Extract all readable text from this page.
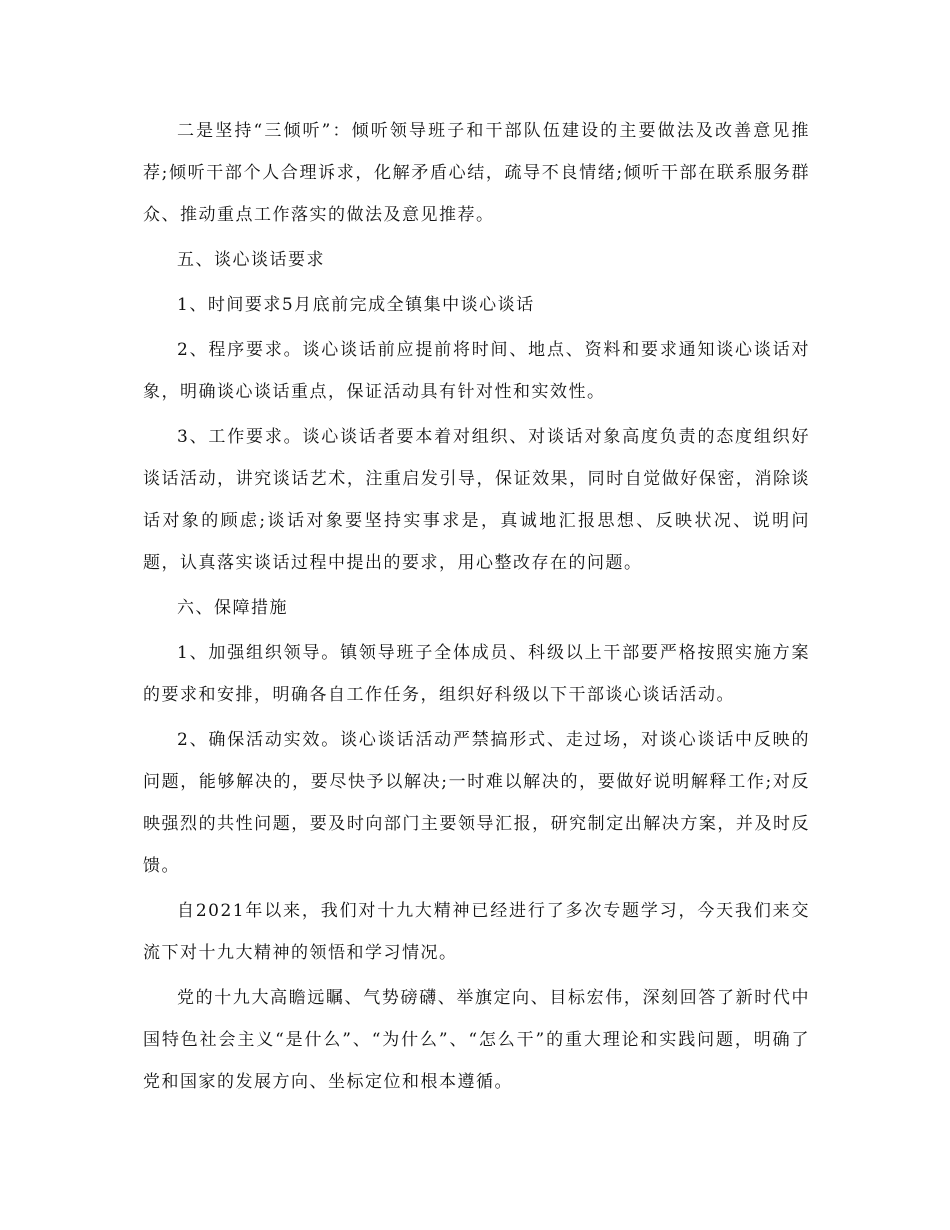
二是坚持“三倾听”：倾听领导班子和干部队伍建设的主要做法及改善意见推荐;倾听干部个人合理诉求，化解矛盾心结，疏导不良情绪;倾听干部在联系服务群众、推动重点工作落实的做法及意见推荐。

五、谈心谈话要求

1、时间要求5月底前完成全镇集中谈心谈话

2、程序要求。谈心谈话前应提前将时间、地点、资料和要求通知谈心谈话对象，明确谈心谈话重点，保证活动具有针对性和实效性。

3、工作要求。谈心谈话者要本着对组织、对谈话对象高度负责的态度组织好谈话活动，讲究谈话艺术，注重启发引导，保证效果，同时自觉做好保密，消除谈话对象的顾虑;谈话对象要坚持实事求是，真诚地汇报思想、反映状况、说明问题，认真落实谈话过程中提出的要求，用心整改存在的问题。

六、保障措施

1、加强组织领导。镇领导班子全体成员、科级以上干部要严格按照实施方案的要求和安排，明确各自工作任务，组织好科级以下干部谈心谈话活动。

2、确保活动实效。谈心谈话活动严禁搞形式、走过场，对谈心谈话中反映的问题，能够解决的，要尽快予以解决;一时难以解决的，要做好说明解释工作;对反映强烈的共性问题，要及时向部门主要领导汇报，研究制定出解决方案，并及时反馈。

自2021年以来，我们对十九大精神已经进行了多次专题学习，今天我们来交流下对十九大精神的领悟和学习情况。

党的十九大高瞻远瞩、气势磅礴、举旗定向、目标宏伟，深刻回答了新时代中国特色社会主义“是什么”、“为什么”、“怎么干”的重大理论和实践问题，明确了党和国家的发展方向、坐标定位和根本遵循。
